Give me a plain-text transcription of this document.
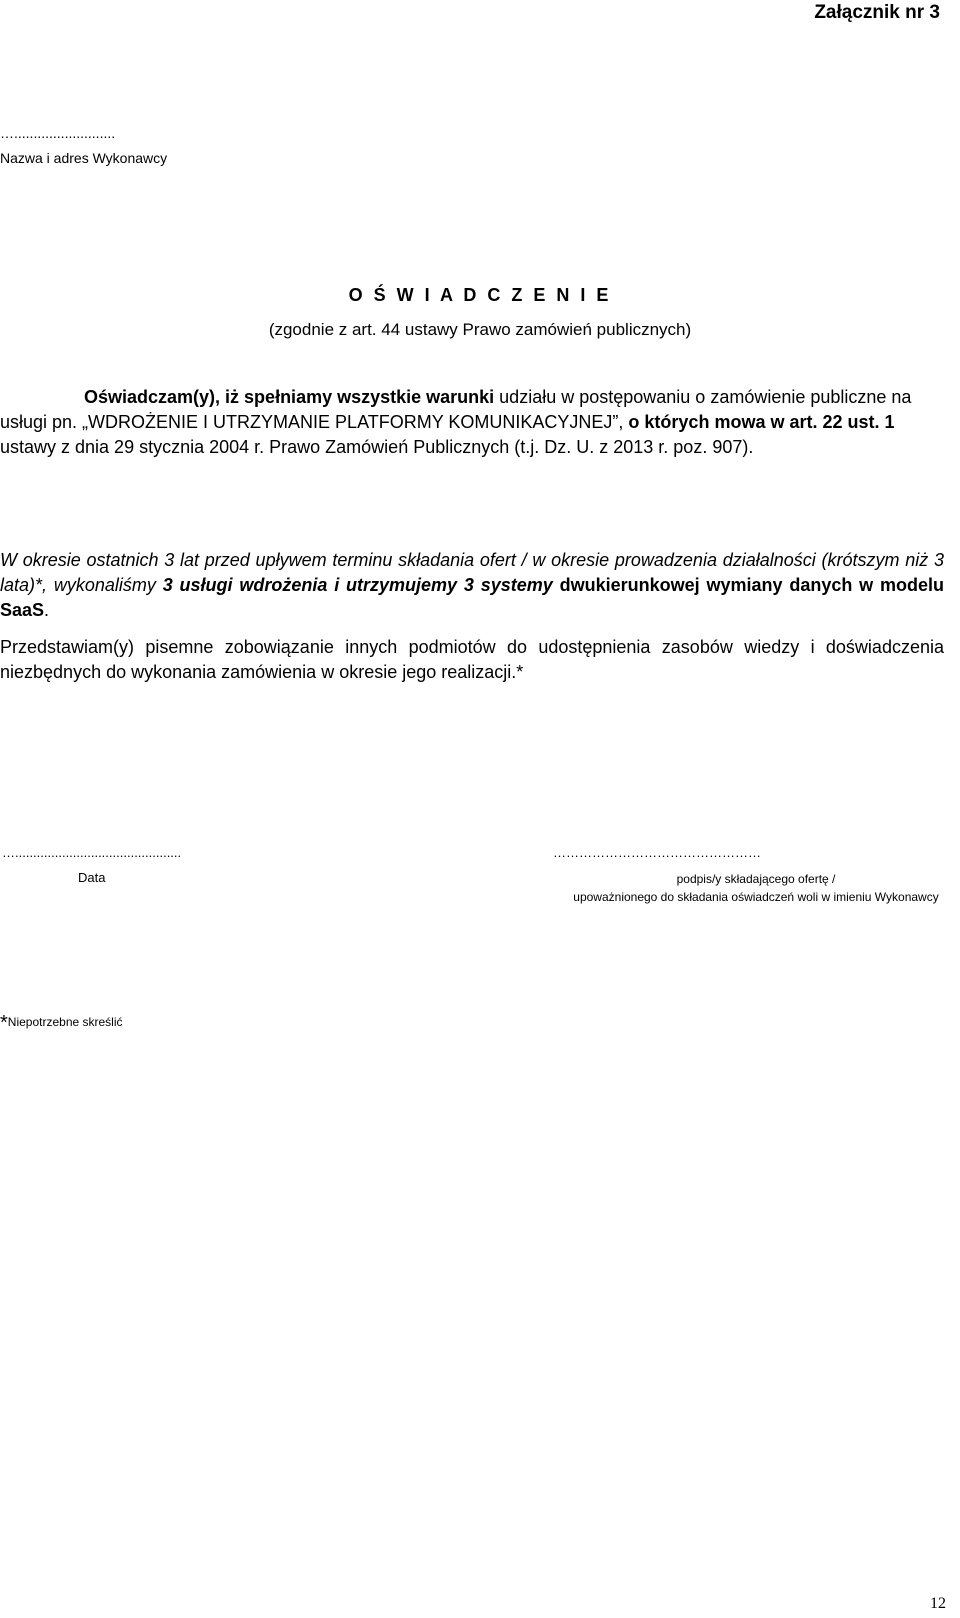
Załącznik nr 3
…..........................
Nazwa i adres Wykonawcy
O Ś W I A D C Z E N I E
(zgodnie z art. 44 ustawy Prawo zamówień publicznych)
Oświadczam(y), iż spełniamy wszystkie warunki udziału w postępowaniu o zamówienie publiczne na usługi pn. „WDROŻENIE I UTRZYMANIE PLATFORMY KOMUNIKACYJNEJ”, o których mowa w art. 22 ust. 1 ustawy z dnia 29 stycznia 2004 r. Prawo Zamówień Publicznych (t.j. Dz. U. z 2013 r. poz. 907).
W okresie ostatnich 3 lat przed upływem terminu składania ofert / w okresie prowadzenia działalności (krótszym niż 3 lata)*, wykonaliśmy 3 usługi wdrożenia i utrzymujemy 3 systemy dwukierunkowej wymiany danych w modelu SaaS.
Przedstawiam(y) pisemne zobowiązanie innych podmiotów do udostępnienia zasobów wiedzy i doświadczenia niezbędnych do wykonania zamówienia w okresie jego realizacji.*
…..............................................	…………………………………………
Data	podpis/y składającego ofertę /
upoważnionego do składania oświadczeń woli w imieniu Wykonawcy
*Niepotrzebne skreślić
12
